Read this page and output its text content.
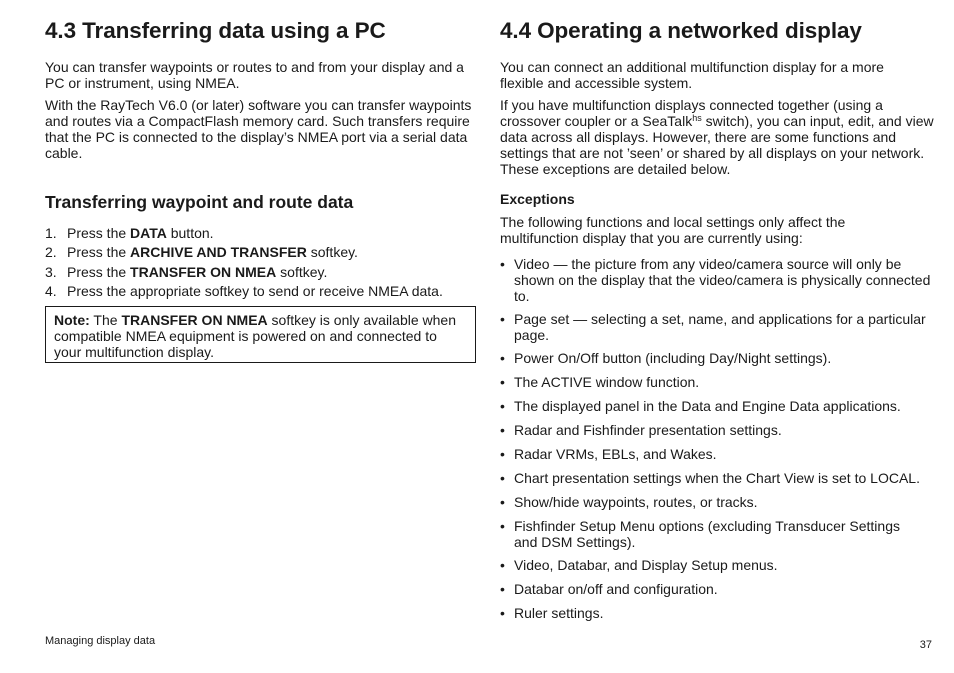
4.3 Transferring data using a PC

You can transfer waypoints or routes to and from your display and a PC or instrument, using NMEA.

With the RayTech V6.0 (or later) software you can transfer waypoints and routes via a CompactFlash memory card. Such transfers require that the PC is connected to the display’s NMEA port via a serial data cable.

Transferring waypoint and route data
1. Press the DATA button.
2. Press the ARCHIVE AND TRANSFER softkey.
3. Press the TRANSFER ON NMEA softkey.
4. Press the appropriate softkey to send or receive NMEA data.
Note: The TRANSFER ON NMEA softkey is only available when compatible NMEA equipment is powered on and connected to your multifunction display.
4.4 Operating a networked display

You can connect an additional multifunction display for a more flexible and accessible system.

If you have multifunction displays connected together (using a crossover coupler or a SeaTalk$^{hs}$ switch), you can input, edit, and view data across all displays. However, there are some functions and settings that are not ’seen’ or shared by all displays on your network. These exceptions are detailed below.

Exceptions

The following functions and local settings only affect the multifunction display that you are currently using:

• Video — the picture from any video/camera source will only be shown on the display that the video/camera is physically connected to.
• Page set — selecting a set, name, and applications for a particular page.
• Power On/Off button (including Day/Night settings).
• The ACTIVE window function.
• The displayed panel in the Data and Engine Data applications.
• Radar and Fishfinder presentation settings.
• Radar VRMs, EBLs, and Wakes.
• Chart presentation settings when the Chart View is set to LOCAL.
• Show/hide waypoints, routes, or tracks.
• Fishfinder Setup Menu options (excluding Transducer Settings and DSM Settings).
• Video, Databar, and Display Setup menus.
• Databar on/off and configuration.
• Ruler settings.
Managing display data	37
